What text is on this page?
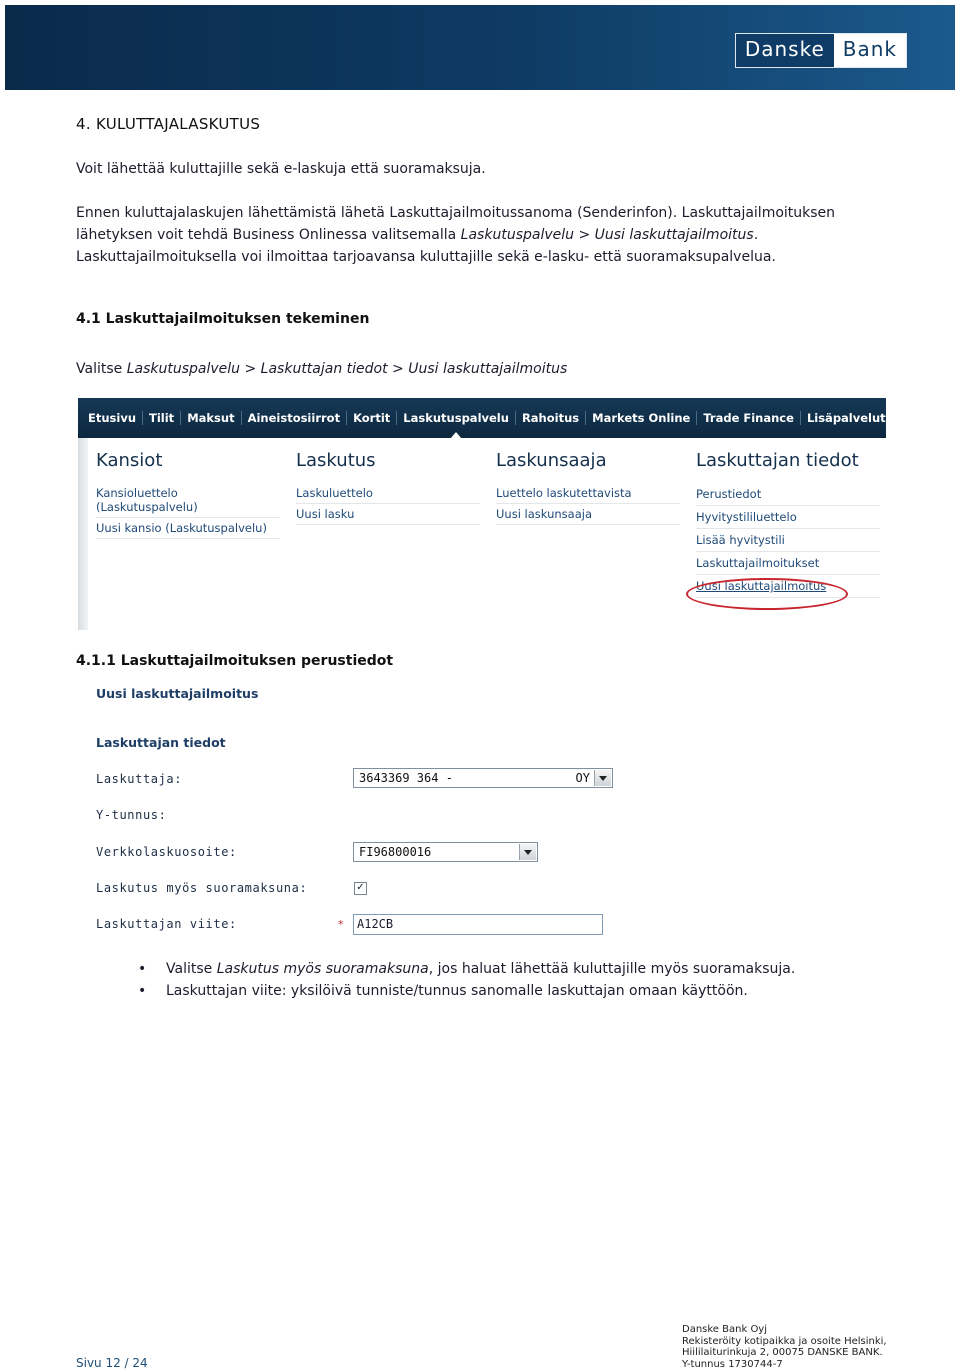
Danske Bank
4. KULUTTAJALASKUTUS
Voit lähettää kuluttajille sekä e-laskuja että suoramaksuja.
Ennen kuluttajalaskujen lähettämistä lähetä Laskuttajailmoitussanoma (Senderinfon). Laskuttajailmoituksen lähetyksen voit tehdä Business Onlinessa valitsemalla Laskutuspalvelu > Uusi laskuttajailmoitus. Laskuttajailmoituksella voi ilmoittaa tarjoavansa kuluttajille sekä e-lasku- että suoramaksupalvelua.
4.1 Laskuttajailmoituksen tekeminen
Valitse Laskutuspalvelu > Laskuttajan tiedot > Uusi laskuttajailmoitus
Etusivu	Tilit	Maksut	Aineistosiirrot	Kortit	Laskutuspalvelu	Rahoitus	Markets Online	Trade Finance	Lisäpalvelut
Kansiot
Kansioluettelo (Laskutuspalvelu)
Uusi kansio (Laskutuspalvelu)
Laskutus
Laskuluettelo
Uusi lasku
Laskunsaaja
Luettelo laskutettavista
Uusi laskunsaaja
Laskuttajan tiedot
Perustiedot
Hyvitystililuettelo
Lisää hyvitystili
Laskuttajailmoitukset
Uusi laskuttajailmoitus
4.1.1 Laskuttajailmoituksen perustiedot
Uusi laskuttajailmoitus
Laskuttajan tiedot
Laskuttaja:	3643369 364 -	OY
Y-tunnus:
Verkkolaskuosoite:	FI96800016
Laskutus myös suoramaksuna:	✓
Laskuttajan viite:	*	A12CB
• Valitse Laskutus myös suoramaksuna, jos haluat lähettää kuluttajille myös suoramaksuja.
• Laskuttajan viite: yksilöivä tunniste/tunnus sanomalle laskuttajan omaan käyttöön.
Sivu 12 / 24
Danske Bank Oyj
Rekisteröity kotipaikka ja osoite Helsinki,
Hiililaiturinkuja 2, 00075 DANSKE BANK.
Y-tunnus 1730744-7
